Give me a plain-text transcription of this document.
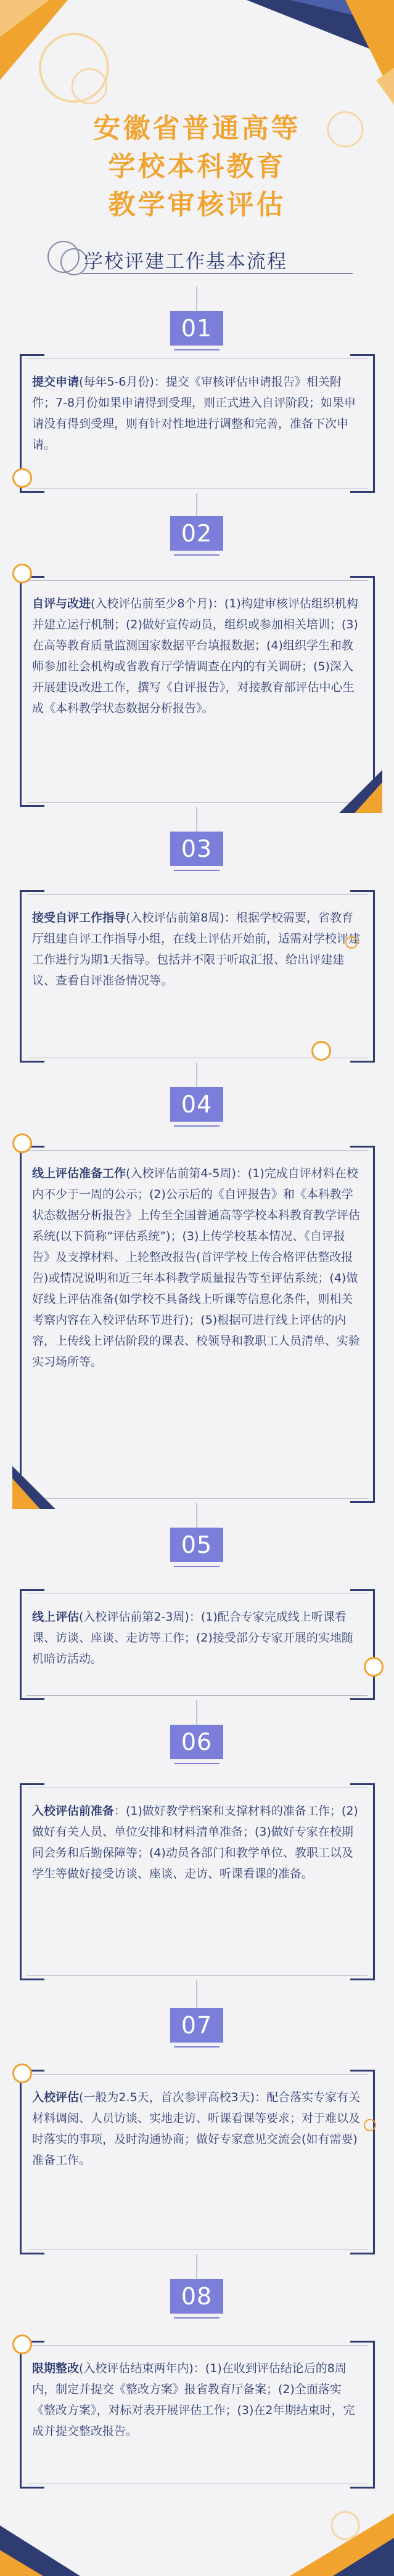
安徽省普通高等
学校本科教育
教学审核评估
学校评建工作基本流程
01
提交申请(每年5-6月份)：提交《审核评估申请报告》相关附件；7-8月份如果申请得到受理，则正式进入自评阶段；如果申请没有得到受理，则有针对性地进行调整和完善，准备下次申请。
02
自评与改进(入校评估前至少8个月)：(1)构建审核评估组织机构并建立运行机制；(2)做好宣传动员，组织或参加相关培训；(3)在高等教育质量监测国家数据平台填报数据；(4)组织学生和教师参加社会机构或省教育厅学情调查在内的有关调研；(5)深入开展建设改进工作，撰写《自评报告》，对接教育部评估中心生成《本科教学状态数据分析报告》。
03
接受自评工作指导(入校评估前第8周)：根据学校需要，省教育厅组建自评工作指导小组，在线上评估开始前，适需对学校评建工作进行为期1天指导。包括并不限于听取汇报、给出评建建议、查看自评准备情况等。
04
线上评估准备工作(入校评估前第4-5周)：(1)完成自评材料在校内不少于一周的公示；(2)公示后的《自评报告》和《本科教学状态数据分析报告》上传至全国普通高等学校本科教育教学评估系统(以下简称“评估系统”)；(3)上传学校基本情况、《自评报告》及支撑材料、上轮整改报告(首评学校上传合格评估整改报告)或情况说明和近三年本科教学质量报告等至评估系统；(4)做好线上评估准备(如学校不具备线上听课等信息化条件，则相关考察内容在入校评估环节进行)；(5)根据可进行线上评估的内容，上传线上评估阶段的课表、校领导和教职工人员清单、实验实习场所等。
05
线上评估(入校评估前第2-3周)：(1)配合专家完成线上听课看课、访谈、座谈、走访等工作；(2)接受部分专家开展的实地随机暗访活动。
06
入校评估前准备：(1)做好教学档案和支撑材料的准备工作；(2)做好有关人员、单位安排和材料清单准备；(3)做好专家在校期间会务和后勤保障等；(4)动员各部门和教学单位、教职工以及学生等做好接受访谈、座谈、走访、听课看课的准备。
07
入校评估(一般为2.5天，首次参评高校3天)：配合落实专家有关材料调阅、人员访谈、实地走访、听课看课等要求；对于难以及时落实的事项，及时沟通协商；做好专家意见交流会(如有需要)准备工作。
08
限期整改(入校评估结束两年内)：(1)在收到评估结论后的8周内，制定并提交《整改方案》报省教育厅备案；(2)全面落实《整改方案》，对标对表开展评估工作；(3)在2年期结束时，完成并提交整改报告。
